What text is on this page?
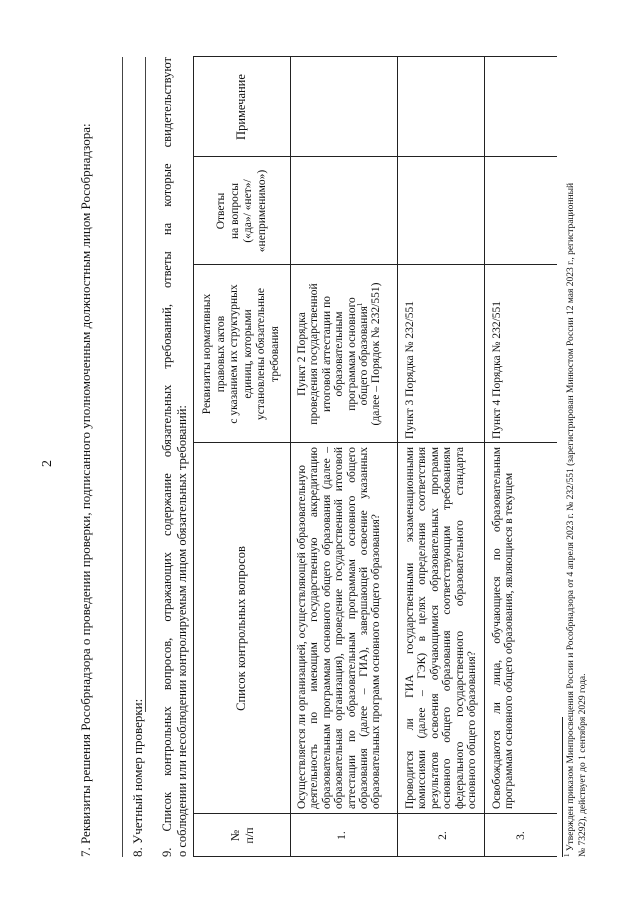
2 7. Реквизиты решения Рособрнадзора о проведении проверки, подписанного уполномоченным должностным лицом Рособрнадзора:	8. Учетный номер проверки: 9. Список контрольных вопросов, отражающих содержание обязательных требований, ответы на которые свидетельствуют о соблюдении или несоблюдении контролируемым лицом обязательных требований:	№ п/п
Список контрольных вопросов
Реквизиты нормативных правовых актов с указанием их структурных единиц, которыми установлены обязательные требования
Ответы на вопросы («да»/ «нет»/ «неприменимо»)
Примечание
1.
Осуществляется ли организацией, осуществляющей образовательную деятельность по имеющим государственную аккредитацию образовательным программам основного общего образования (далее – образовательная организация), проведение государственной итоговой аттестации по образовательным программам основного общего образования (далее – ГИА), завершающей освоение указанных образовательных программ основного общего образования?
Пункт 2 Порядка проведения государственной итоговой аттестации по образовательным программам основного общего образования$^1$ (далее – Порядок № 232/551)
2.
Проводится ли ГИА государственными экзаменационными комиссиями (далее – ГЭК) в целях определения соответствия результатов освоения обучающимися образовательных программ основного общего образования соответствующим требованиям федерального государственного образовательного стандарта основного общего образования?
Пункт 3 Порядка № 232/551
3.
Освобождаются ли лица, обучающиеся по образовательным программам основного общего образования, являющиеся в текущем
Пункт 4 Порядка № 232/551
$^1$ Утвержден приказом Минпросвещения России и Рособрнадзора от 4 апреля 2023 г. № 232/551 (зарегистрирован Минюстом России 12 мая 2023 г., регистрационный № 73292), действует до 1 сентября 2029 года.
